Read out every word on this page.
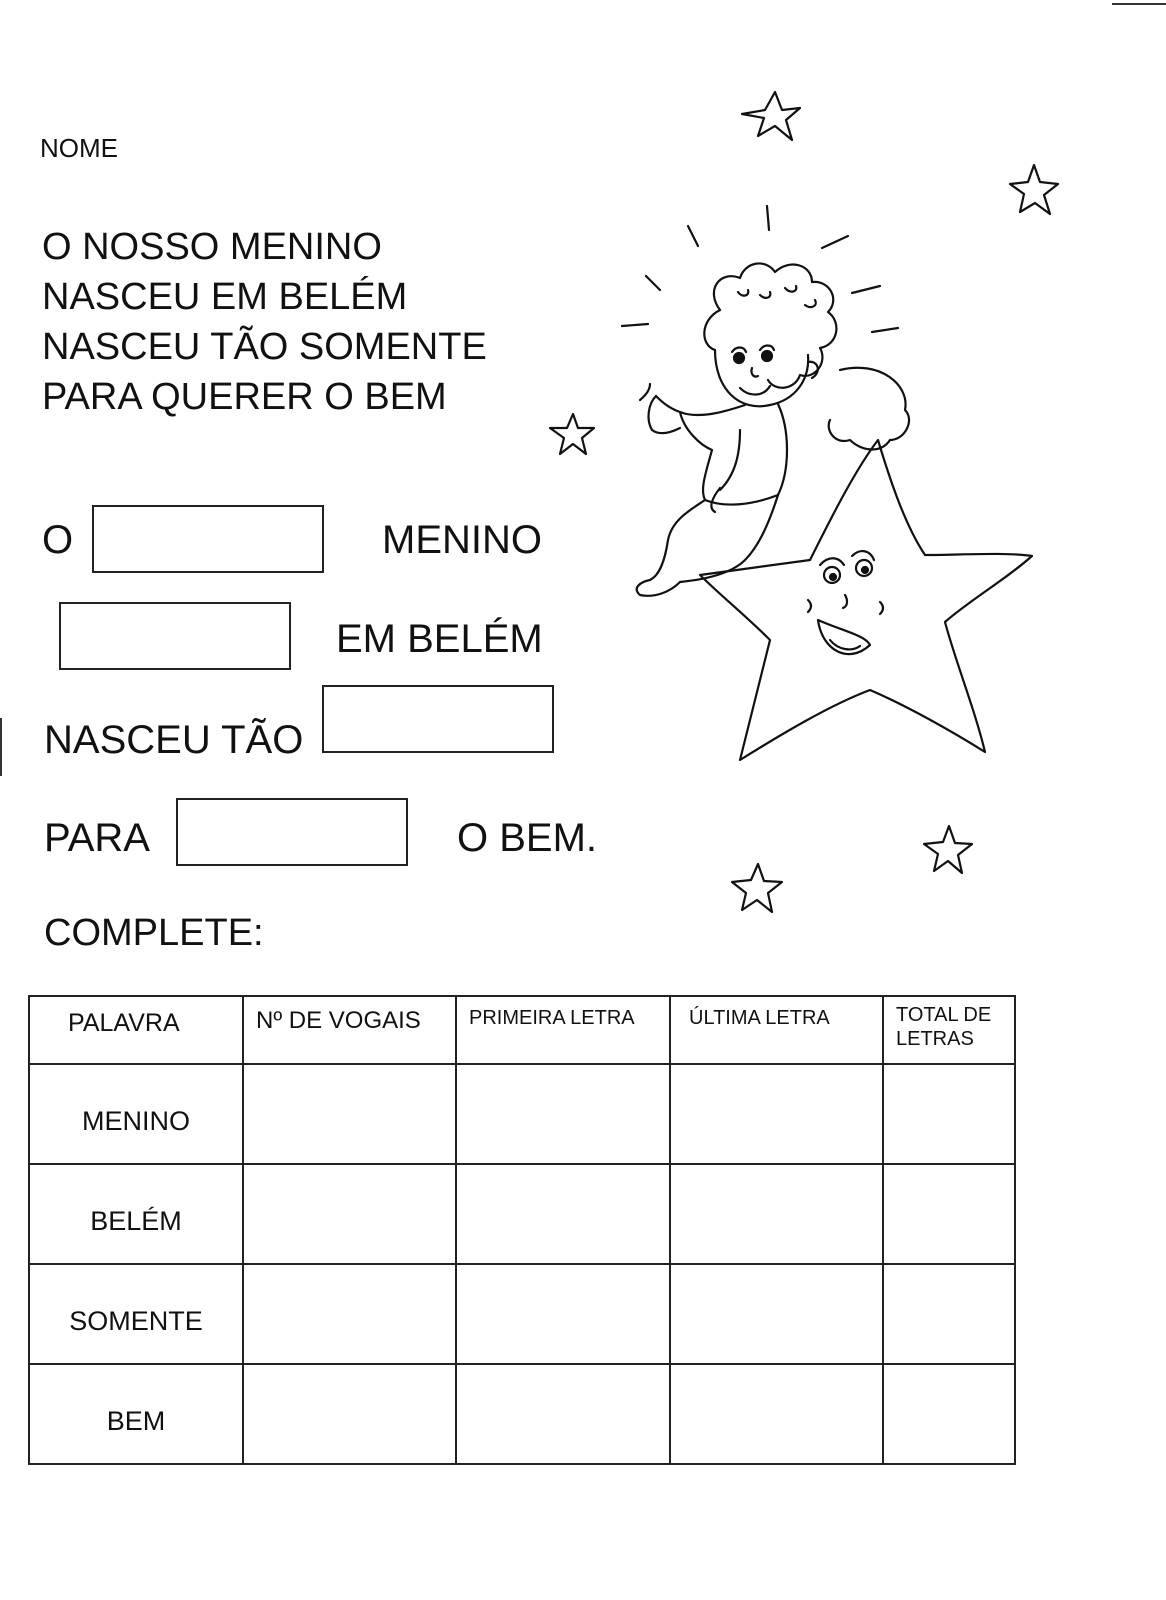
NOME
O NOSSO MENINO
NASCEU EM BELÉM
NASCEU TÃO SOMENTE
PARA QUERER O BEM
O	MENINO
EM BELÉM
NASCEU TÃO
PARA	O BEM.
COMPLETE:
PALAVRA	Nº DE VOGAIS	PRIMEIRA LETRA	ÚLTIMA LETRA	TOTAL DE LETRAS

MENINO				

BELÉM				

SOMENTE				

BEM				
